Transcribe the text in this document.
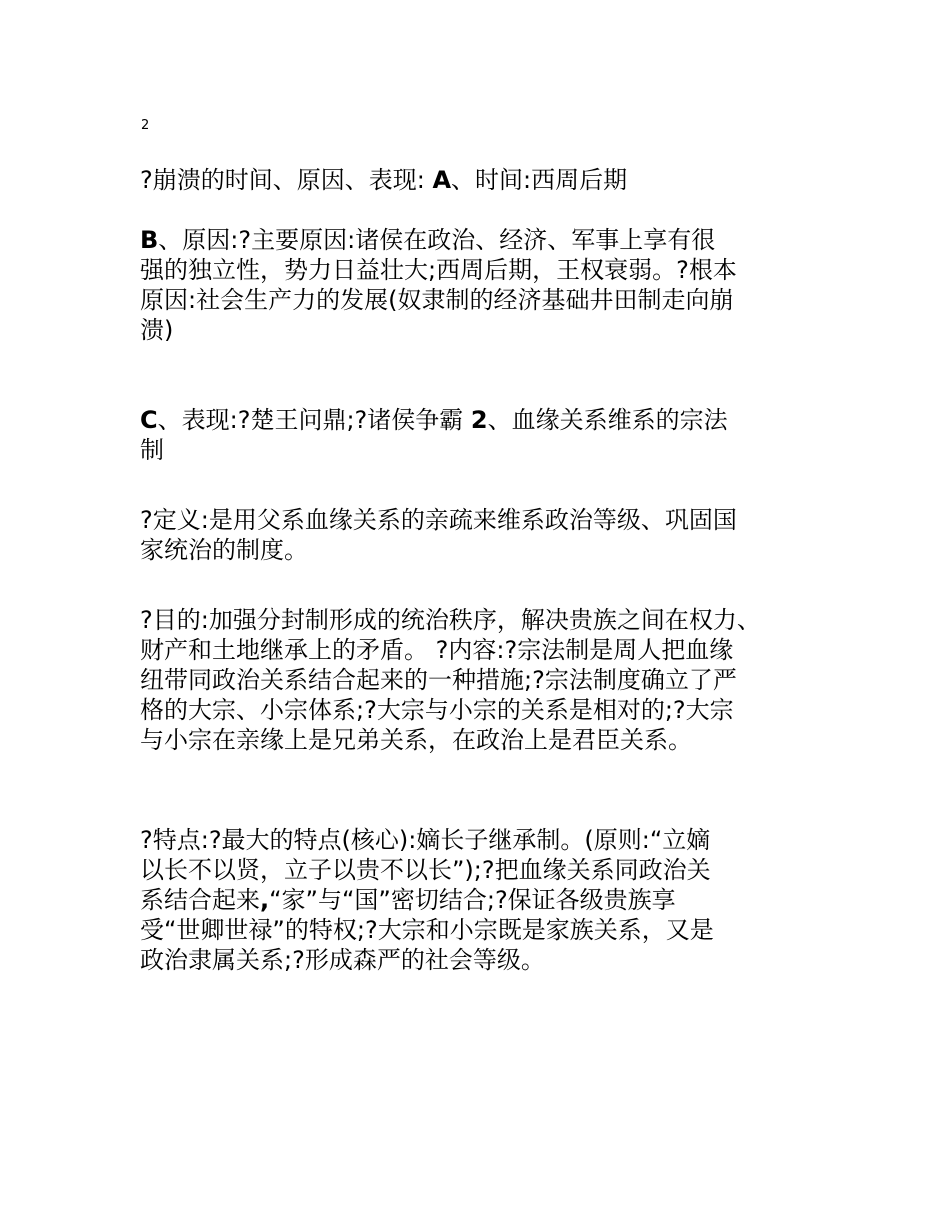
2

?崩溃的时间、原因、表现: A、时间:西周后期

B、原因:?主要原因:诸侯在政治、经济、军事上享有很
强的独立性，势力日益壮大;西周后期，王权衰弱。?根本
原因:社会生产力的发展(奴隶制的经济基础井田制走向崩
溃)

C、表现:?楚王问鼎;?诸侯争霸 2、血缘关系维系的宗法
制

?定义:是用父系血缘关系的亲疏来维系政治等级、巩固国
家统治的制度。

?目的:加强分封制形成的统治秩序，解决贵族之间在权力、
财产和土地继承上的矛盾。 ?内容:?宗法制是周人把血缘
纽带同政治关系结合起来的一种措施;?宗法制度确立了严
格的大宗、小宗体系;?大宗与小宗的关系是相对的;?大宗
与小宗在亲缘上是兄弟关系，在政治上是君臣关系。

?特点:?最大的特点(核心):嫡长子继承制。(原则:“立嫡
以长不以贤，立子以贵不以长”);?把血缘关系同政治关
系结合起来,“家”与“国”密切结合;?保证各级贵族享
受“世卿世禄”的特权;?大宗和小宗既是家族关系，又是
政治隶属关系;?形成森严的社会等级。
